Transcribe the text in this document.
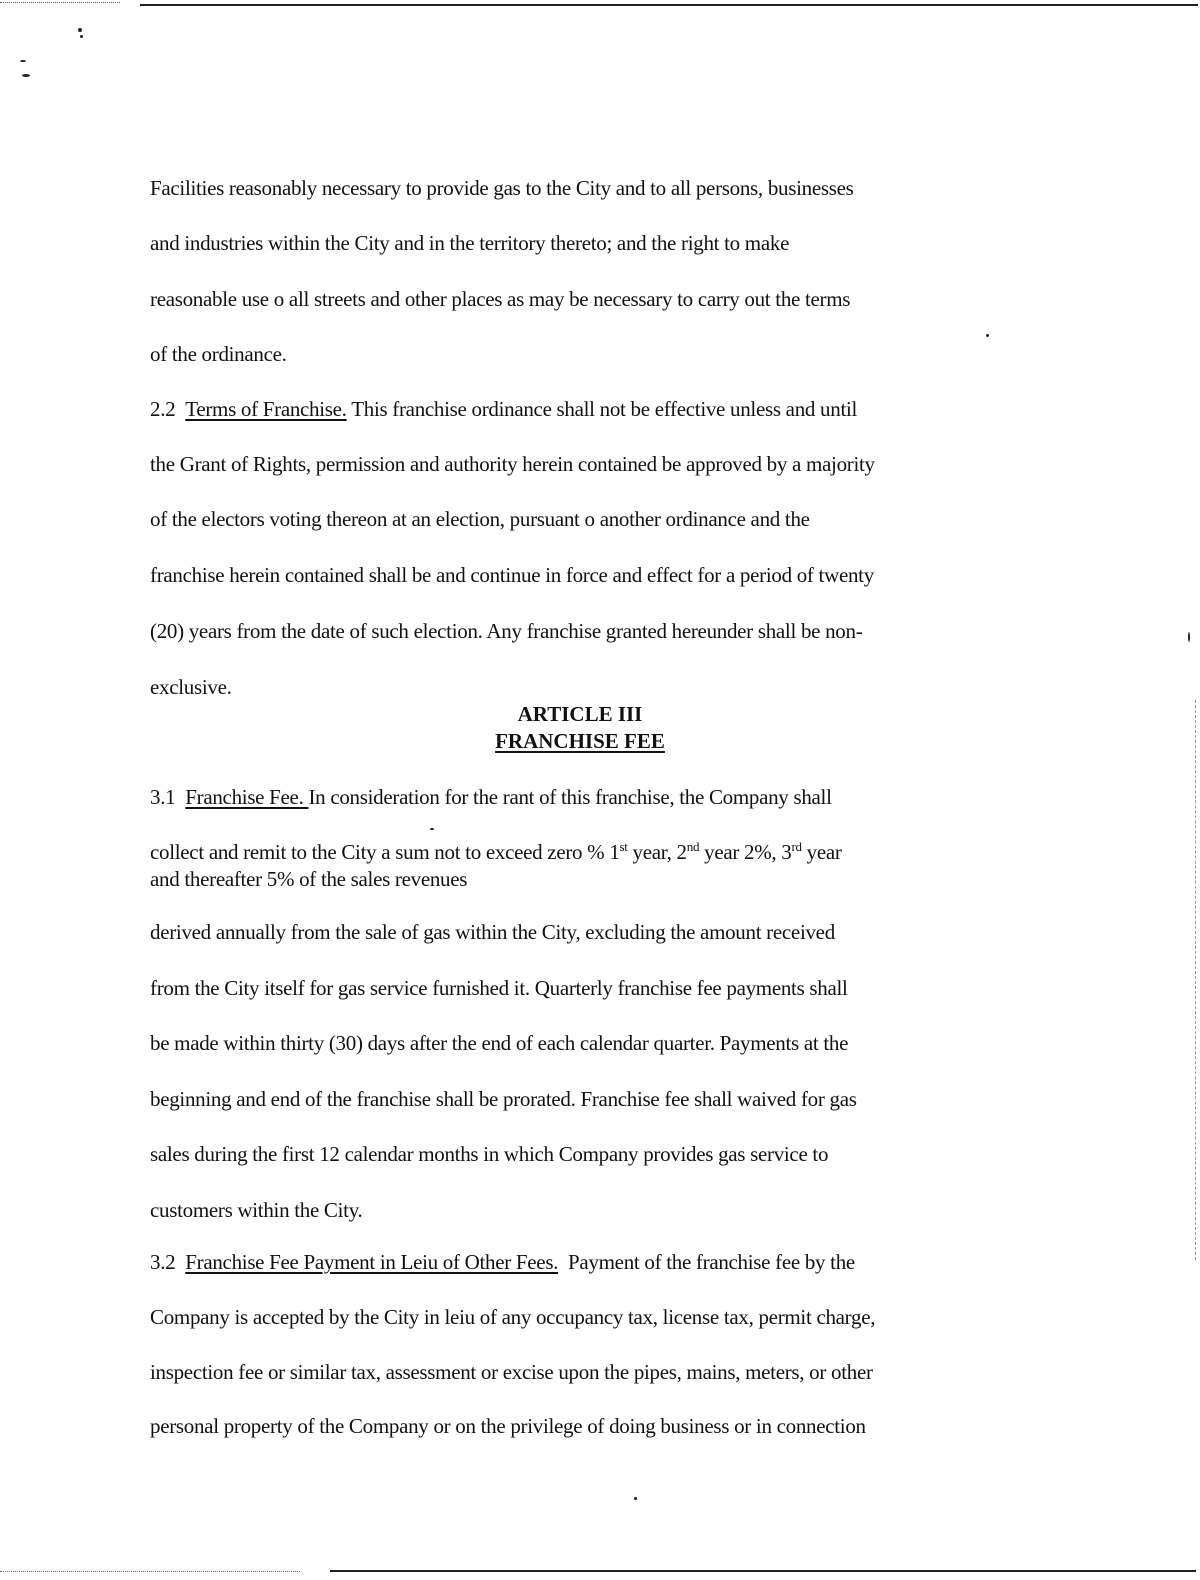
Facilities reasonably necessary to provide gas to the City and to all persons, businesses

and industries within the City and in the territory thereto; and the right to make

reasonable use o all streets and other places as may be necessary to carry out the terms

of the ordinance.

2.2 Terms of Franchise. This franchise ordinance shall not be effective unless and until

the Grant of Rights, permission and authority herein contained be approved by a majority

of the electors voting thereon at an election, pursuant o another ordinance and the

franchise herein contained shall be and continue in force and effect for a period of twenty

(20) years from the date of such election. Any franchise granted hereunder shall be non-

exclusive.

ARTICLE III

FRANCHISE FEE

3.1 Franchise Fee. In consideration for the rant of this franchise, the Company shall

collect and remit to the City a sum not to exceed zero % 1st year, 2nd year 2%, 3rd year

and thereafter 5% of the sales revenues

derived annually from the sale of gas within the City, excluding the amount received

from the City itself for gas service furnished it. Quarterly franchise fee payments shall

be made within thirty (30) days after the end of each calendar quarter. Payments at the

beginning and end of the franchise shall be prorated. Franchise fee shall waived for gas

sales during the first 12 calendar months in which Company provides gas service to

customers within the City.

3.2 Franchise Fee Payment in Leiu of Other Fees.  Payment of the franchise fee by the

Company is accepted by the City in leiu of any occupancy tax, license tax, permit charge,

inspection fee or similar tax, assessment or excise upon the pipes, mains, meters, or other

personal property of the Company or on the privilege of doing business or in connection
